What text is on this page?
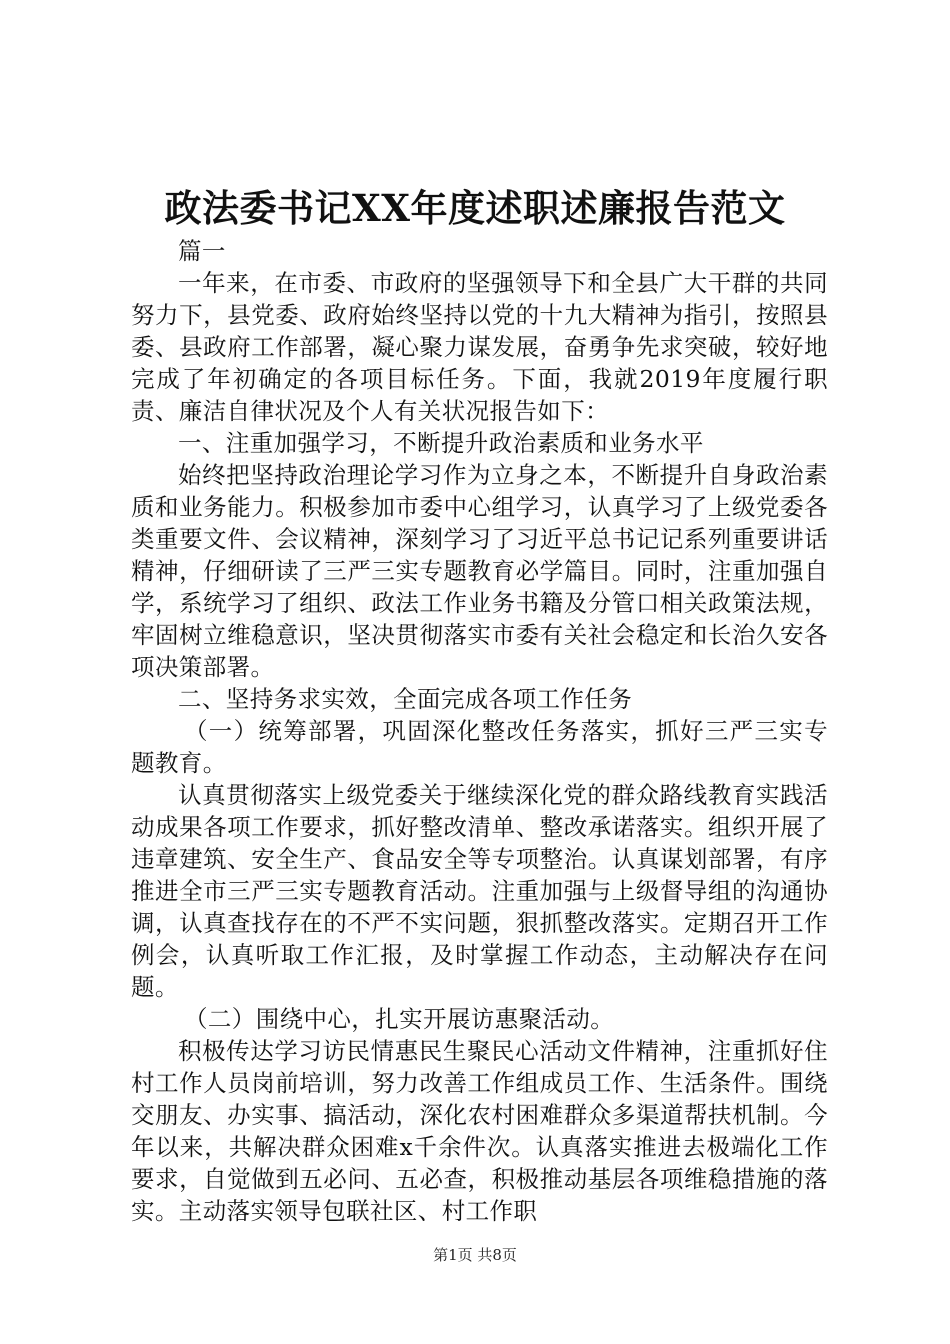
政法委书记XX年度述职述廉报告范文

篇一

一年来，在市委、市政府的坚强领导下和全县广大干群的共同努力下，县党委、政府始终坚持以党的十九大精神为指引，按照县委、县政府工作部署，凝心聚力谋发展，奋勇争先求突破，较好地完成了年初确定的各项目标任务。下面，我就2019年度履行职责、廉洁自律状况及个人有关状况报告如下：

一、注重加强学习，不断提升政治素质和业务水平

始终把坚持政治理论学习作为立身之本，不断提升自身政治素质和业务能力。积极参加市委中心组学习，认真学习了上级党委各类重要文件、会议精神，深刻学习了习近平总书记记系列重要讲话精神，仔细研读了三严三实专题教育必学篇目。同时，注重加强自学，系统学习了组织、政法工作业务书籍及分管口相关政策法规，牢固树立维稳意识，坚决贯彻落实市委有关社会稳定和长治久安各项决策部署。

二、坚持务求实效，全面完成各项工作任务

（一）统筹部署，巩固深化整改任务落实，抓好三严三实专题教育。

认真贯彻落实上级党委关于继续深化党的群众路线教育实践活动成果各项工作要求，抓好整改清单、整改承诺落实。组织开展了违章建筑、安全生产、食品安全等专项整治。认真谋划部署，有序推进全市三严三实专题教育活动。注重加强与上级督导组的沟通协调，认真查找存在的不严不实问题，狠抓整改落实。定期召开工作例会，认真听取工作汇报，及时掌握工作动态，主动解决存在问题。

（二）围绕中心，扎实开展访惠聚活动。

积极传达学习访民情惠民生聚民心活动文件精神，注重抓好住村工作人员岗前培训，努力改善工作组成员工作、生活条件。围绕交朋友、办实事、搞活动，深化农村困难群众多渠道帮扶机制。今年以来，共解决群众困难x千余件次。认真落实推进去极端化工作要求，自觉做到五必问、五必查，积极推动基层各项维稳措施的落实。主动落实领导包联社区、村工作职

第1页 共8页
